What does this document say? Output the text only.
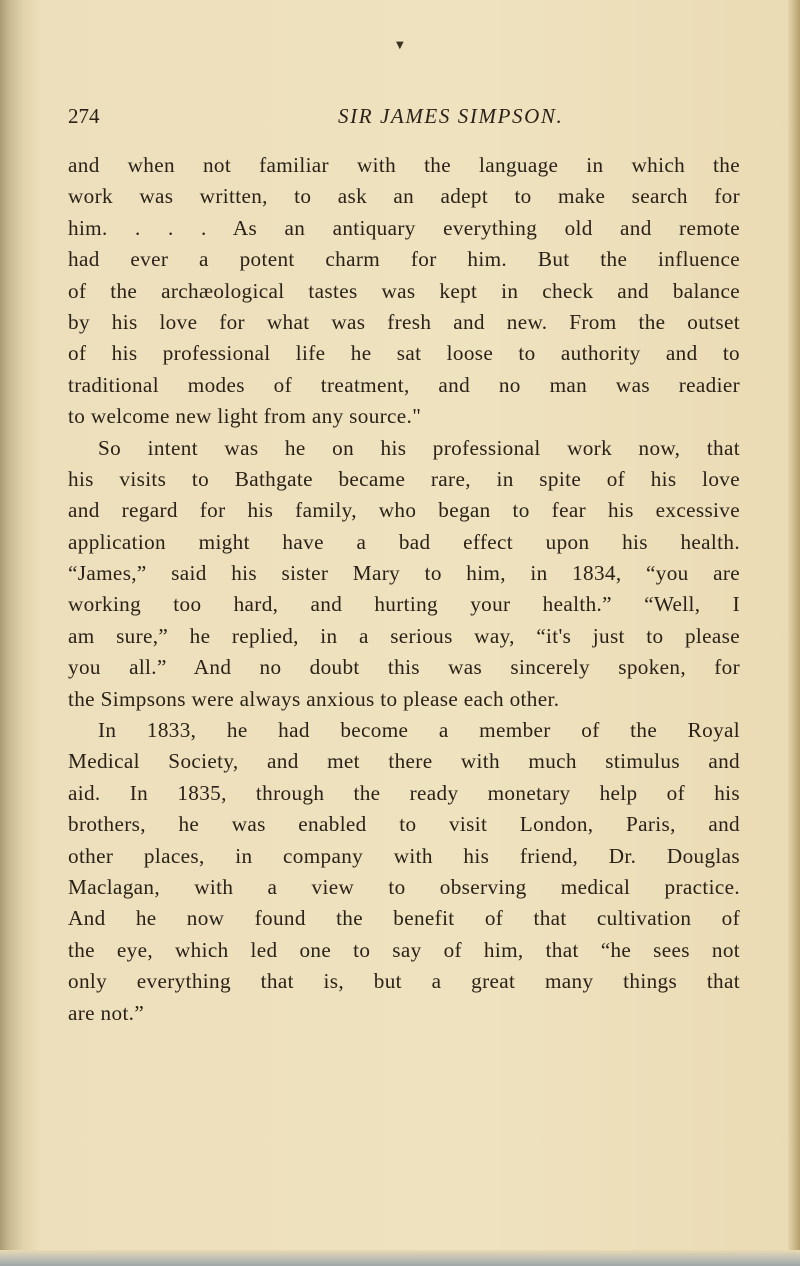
▼
274	SIR JAMES SIMPSON.
and when not familiar with the language in which the
work was written, to ask an adept to make search for
him. . . . As an antiquary everything old and remote
had ever a potent charm for him. But the influence
of the archæological tastes was kept in check and balance
by his love for what was fresh and new. From the outset
of his professional life he sat loose to authority and to
traditional modes of treatment, and no man was readier
to welcome new light from any source."
So intent was he on his professional work now, that
his visits to Bathgate became rare, in spite of his love
and regard for his family, who began to fear his excessive
application might have a bad effect upon his health.
“James,” said his sister Mary to him, in 1834, “you are
working too hard, and hurting your health.” “Well, I
am sure,” he replied, in a serious way, “it's just to please
you all.” And no doubt this was sincerely spoken, for
the Simpsons were always anxious to please each other.
In 1833, he had become a member of the Royal
Medical Society, and met there with much stimulus and
aid. In 1835, through the ready monetary help of his
brothers, he was enabled to visit London, Paris, and
other places, in company with his friend, Dr. Douglas
Maclagan, with a view to observing medical practice.
And he now found the benefit of that cultivation of
the eye, which led one to say of him, that “he sees not
only everything that is, but a great many things that
are not.”
